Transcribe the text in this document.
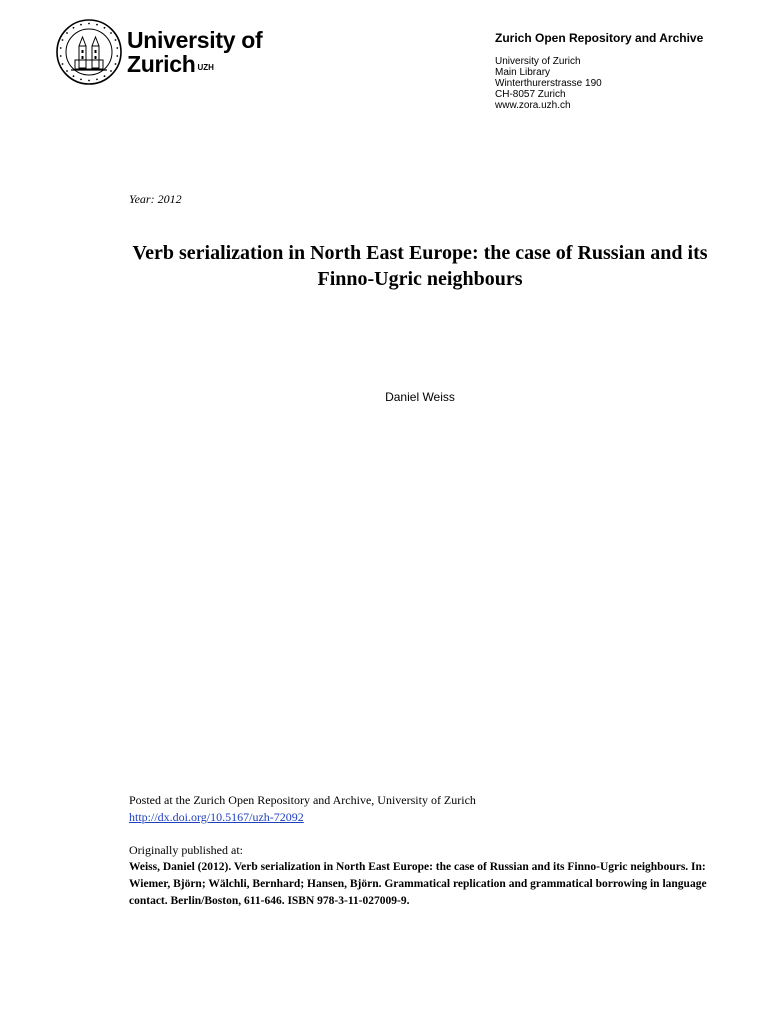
University of
Zurich $^{UZH}$
Zurich Open Repository and Archive
University of Zurich
Main Library
Winterthurerstrasse 190
CH-8057 Zurich
www.zora.uzh.ch
Year: 2012
Verb serialization in North East Europe: the case of Russian and its Finno-Ugric neighbours
Daniel Weiss
Posted at the Zurich Open Repository and Archive, University of Zurich
http://dx.doi.org/10.5167/uzh-72092
Originally published at:
Weiss, Daniel (2012). Verb serialization in North East Europe: the case of Russian and its Finno-Ugric neighbours. In: Wiemer, Björn; Wälchli, Bernhard; Hansen, Björn. Grammatical replication and grammatical borrowing in language contact. Berlin/Boston, 611-646. ISBN 978-3-11-027009-9.
